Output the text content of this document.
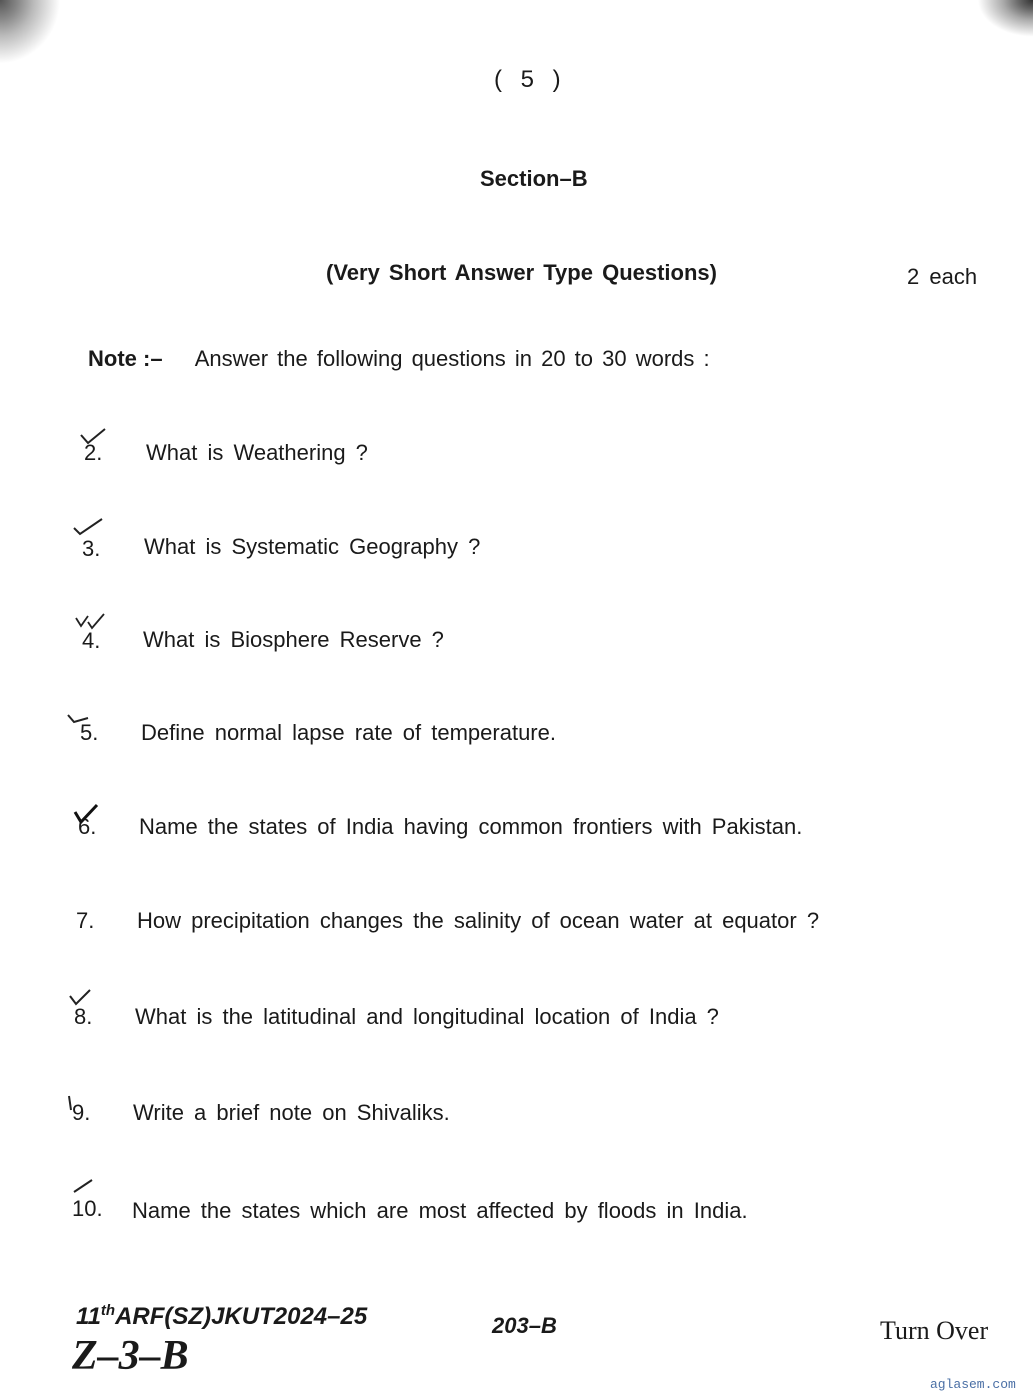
( 5 )
Section–B
(Very Short Answer Type Questions)	2 each
Note :– Answer the following questions in 20 to 30 words :
2. What is Weathering ?
3. What is Systematic Geography ?
4. What is Biosphere Reserve ?
5. Define normal lapse rate of temperature.
6. Name the states of India having common frontiers with Pakistan.
7. How precipitation changes the salinity of ocean water at equator ?
8. What is the latitudinal and longitudinal location of India ?
9. Write a brief note on Shivaliks.
10. Name the states which are most affected by floods in India.
11thARF(SZ)JKUT2024–25	203–B
Z–3–B
Turn Over
aglasem.com
